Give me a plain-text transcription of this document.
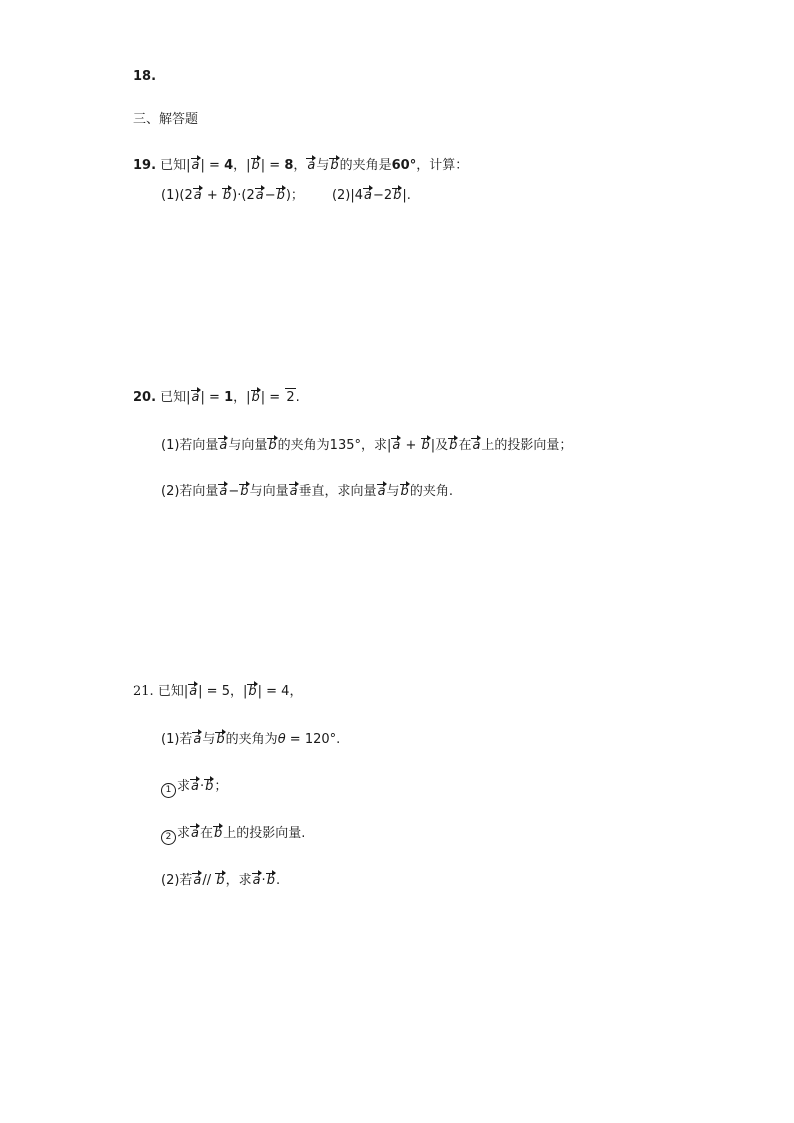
18.
三、解答题
19. 已知|a| = 4，|b| = 8，a与b的夹角是60°，计算：
(1)(2a + b)·(2a−b)； (2)|4a−2b|.
20. 已知|a| = 1，|b| = 2.
(1)若向量a与向量b的夹角为135°，求|a + b|及b在a上的投影向量；
(2)若向量a−b与向量a垂直，求向量a与b的夹角.
21. 已知|a| = 5，|b| = 4，
(1)若a与b的夹角为θ = 120°.
1 求a·b；
2 求a在b上的投影向量.
(2)若a// b，求a·b.
